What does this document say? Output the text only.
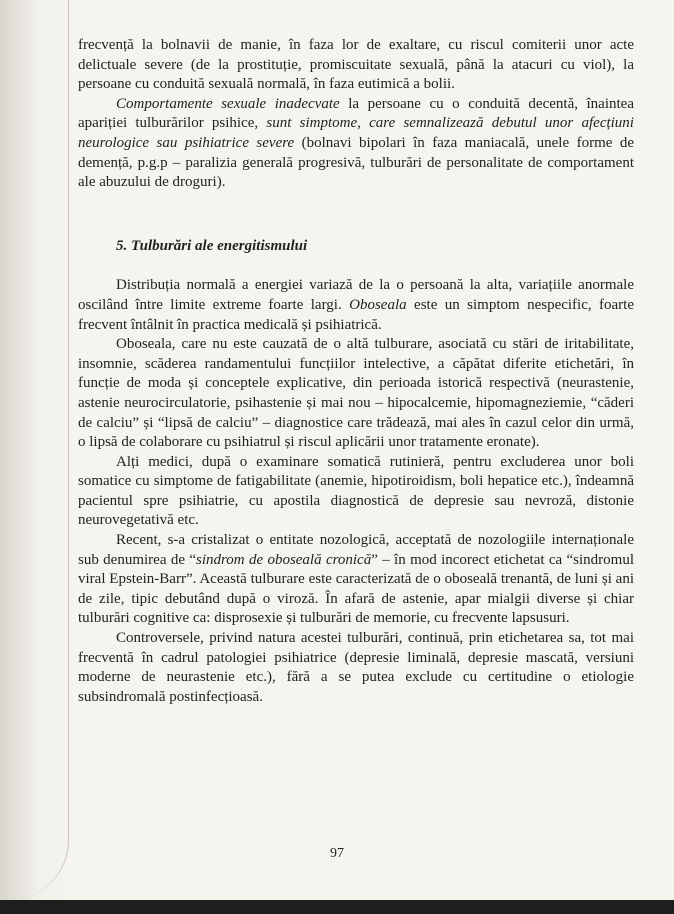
frecvență la bolnavii de manie, în faza lor de exaltare, cu riscul comiterii unor acte delictuale severe (de la prostituție, promiscuitate sexuală, până la atacuri cu viol), la persoane cu conduită sexuală normală, în faza eutimică a bolii.

Comportamente sexuale inadecvate la persoane cu o conduită decentă, înaintea apariției tulburărilor psihice, sunt simptome, care semnalizează debutul unor afecțiuni neurologice sau psihiatrice severe (bolnavi bipolari în faza maniacală, unele forme de demență, p.g.p – paralizia generală progresivă, tulburări de personalitate de comportament ale abuzului de droguri).

5. Tulburări ale energitismului

Distribuția normală a energiei variază de la o persoană la alta, variațiile anormale oscilând între limite extreme foarte largi. Oboseala este un simptom nespecific, foarte frecvent întâlnit în practica medicală și psihiatrică.

Oboseala, care nu este cauzată de o altă tulburare, asociată cu stări de iritabilitate, insomnie, scăderea randamentului funcțiilor intelective, a căpătat diferite etichetări, în funcție de moda și conceptele explicative, din perioada istorică respectivă (neurastenie, astenie neurocirculatorie, psihastenie și mai nou – hipocalcemie, hipomagneziemie, “căderi de calciu” și “lipsă de calciu” – diagnostice care trădează, mai ales în cazul celor din urmă, o lipsă de colaborare cu psihiatrul și riscul aplicării unor tratamente eronate).

Alți medici, după o examinare somatică rutinieră, pentru excluderea unor boli somatice cu simptome de fatigabilitate (anemie, hipotiroidism, boli hepatice etc.), îndeamnă pacientul spre psihiatrie, cu apostila diagnostică de depresie sau nevroză, distonie neurovegetativă etc.

Recent, s-a cristalizat o entitate nozologică, acceptată de nozologiile internaționale sub denumirea de “sindrom de oboseală cronică” – în mod incorect etichetat ca “sindromul viral Epstein-Barr”. Această tulburare este caracterizată de o oboseală trenantă, de luni și ani de zile, tipic debutând după o viroză. În afară de astenie, apar mialgii diverse și chiar tulburări cognitive ca: disprosexie și tulburări de memorie, cu frecvente lapsusuri.

Controversele, privind natura acestei tulburări, continuă, prin etichetarea sa, tot mai frecventă în cadrul patologiei psihiatrice (depresie liminală, depresie mascată, versiuni moderne de neurastenie etc.), fără a se putea exclude cu certitudine o etiologie subsindromală postinfecțioasă.

97
